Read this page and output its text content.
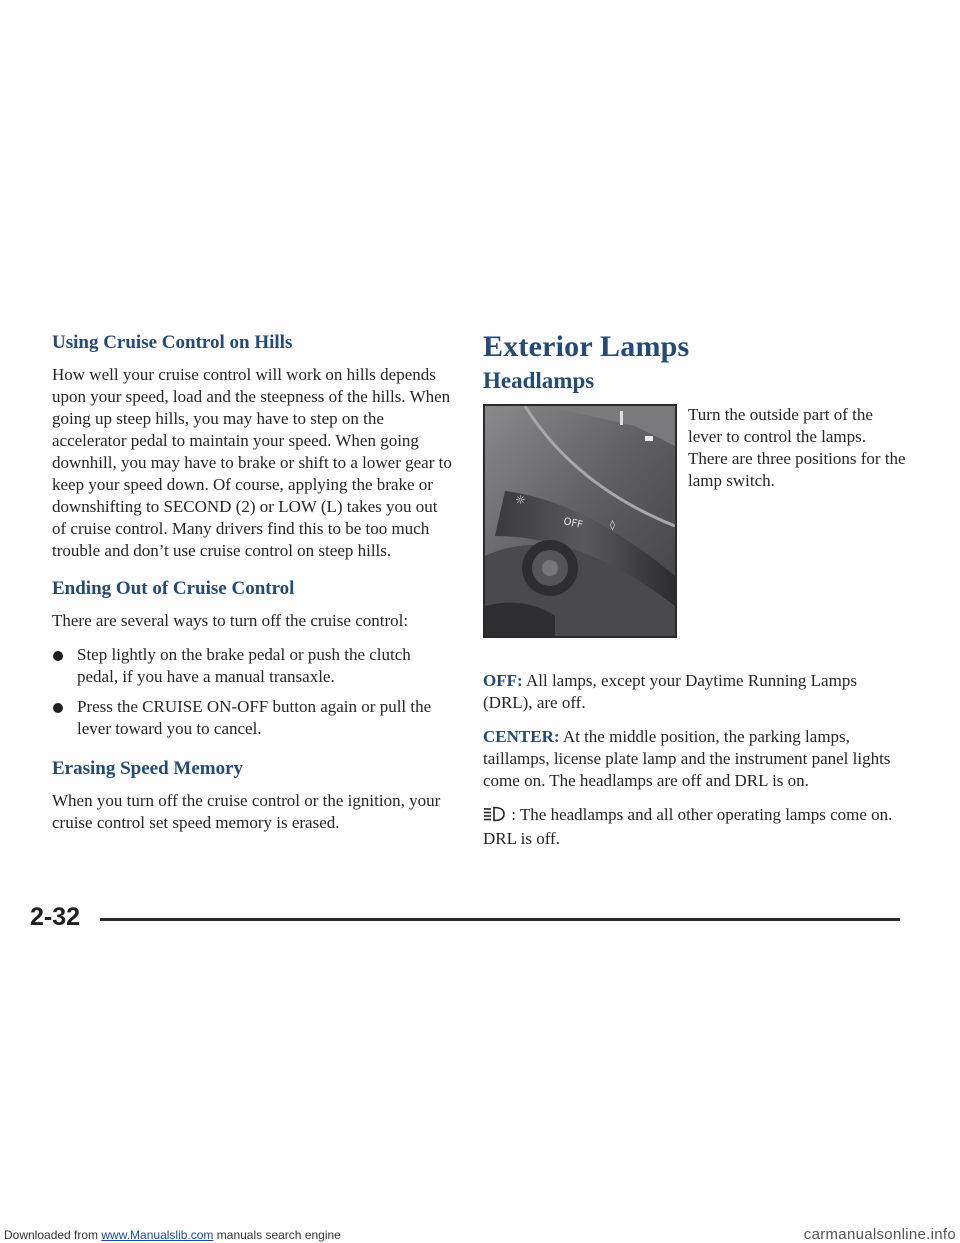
Using Cruise Control on Hills

How well your cruise control will work on hills depends upon your speed, load and the steepness of the hills. When going up steep hills, you may have to step on the accelerator pedal to maintain your speed. When going downhill, you may have to brake or shift to a lower gear to keep your speed down. Of course, applying the brake or downshifting to SECOND (2) or LOW (L) takes you out of cruise control. Many drivers find this to be too much trouble and don’t use cruise control on steep hills.

Ending Out of Cruise Control

There are several ways to turn off the cruise control:

Step lightly on the brake pedal or push the clutch pedal, if you have a manual transaxle.
Press the CRUISE ON-OFF button again or pull the lever toward you to cancel.
Erasing Speed Memory

When you turn off the cruise control or the ignition, your cruise control set speed memory is erased.

Exterior Lamps
Headlamps
☼
OFF	◊
Turn the outside part of the lever to control the lamps. There are three positions for the lamp switch.

OFF: All lamps, except your Daytime Running Lamps (DRL), are off.

CENTER: At the middle position, the parking lamps, taillamps, license plate lamp and the instrument panel lights come on. The headlamps are off and DRL is on.

: The headlamps and all other operating lamps come on. DRL is off.

2-32
Downloaded from www.Manualslib.com manuals search engine	carmanualsonline.info
